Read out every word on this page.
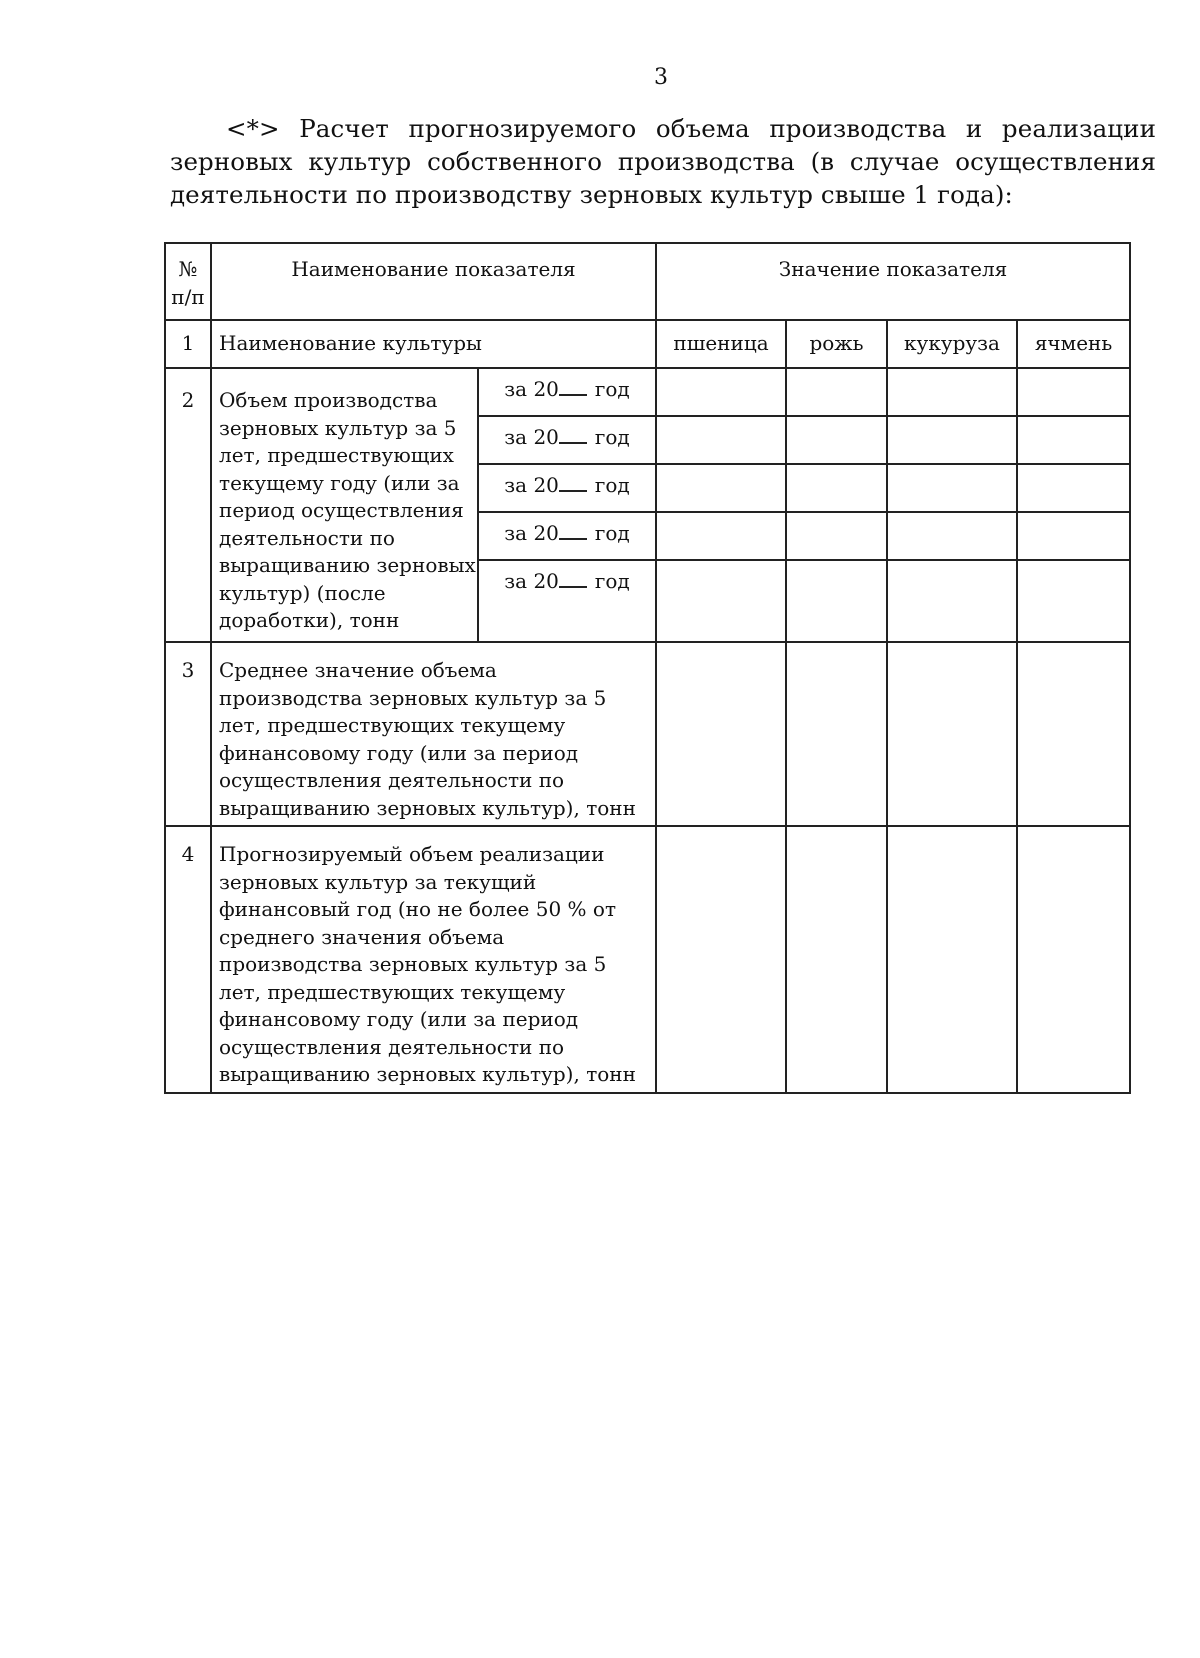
3
<*> Расчет прогнозируемого объема производства и реализации зерновых культур собственного производства (в случае осуществления деятельности по производству зерновых культур свыше 1 года):
№ п/п	Наименование показателя		Значение показателя			
1	Наименование культуры		пшеница	рожь	кукуруза	ячмень
2	Объем производства зерновых культур за 5 лет, предшествующих текущему году (или за период осуществления деятельности по выращиванию зерновых культур) (после доработки), тонн	за 20 год				
		за 20 год				
		за 20 год				
		за 20 год				
		за 20 год				
3	Среднее значение объема производства зерновых культур за 5 лет, предшествующих текущему финансовому году (или за период осуществления деятельности по выращиванию зерновых культур), тонн					
4	Прогнозируемый объем реализации зерновых культур за текущий финансовый год (но не более 50 % от среднего значения объема производства зерновых культур за 5 лет, предшествующих текущему финансовому году (или за период осуществления деятельности по выращиванию зерновых культур), тонн					
